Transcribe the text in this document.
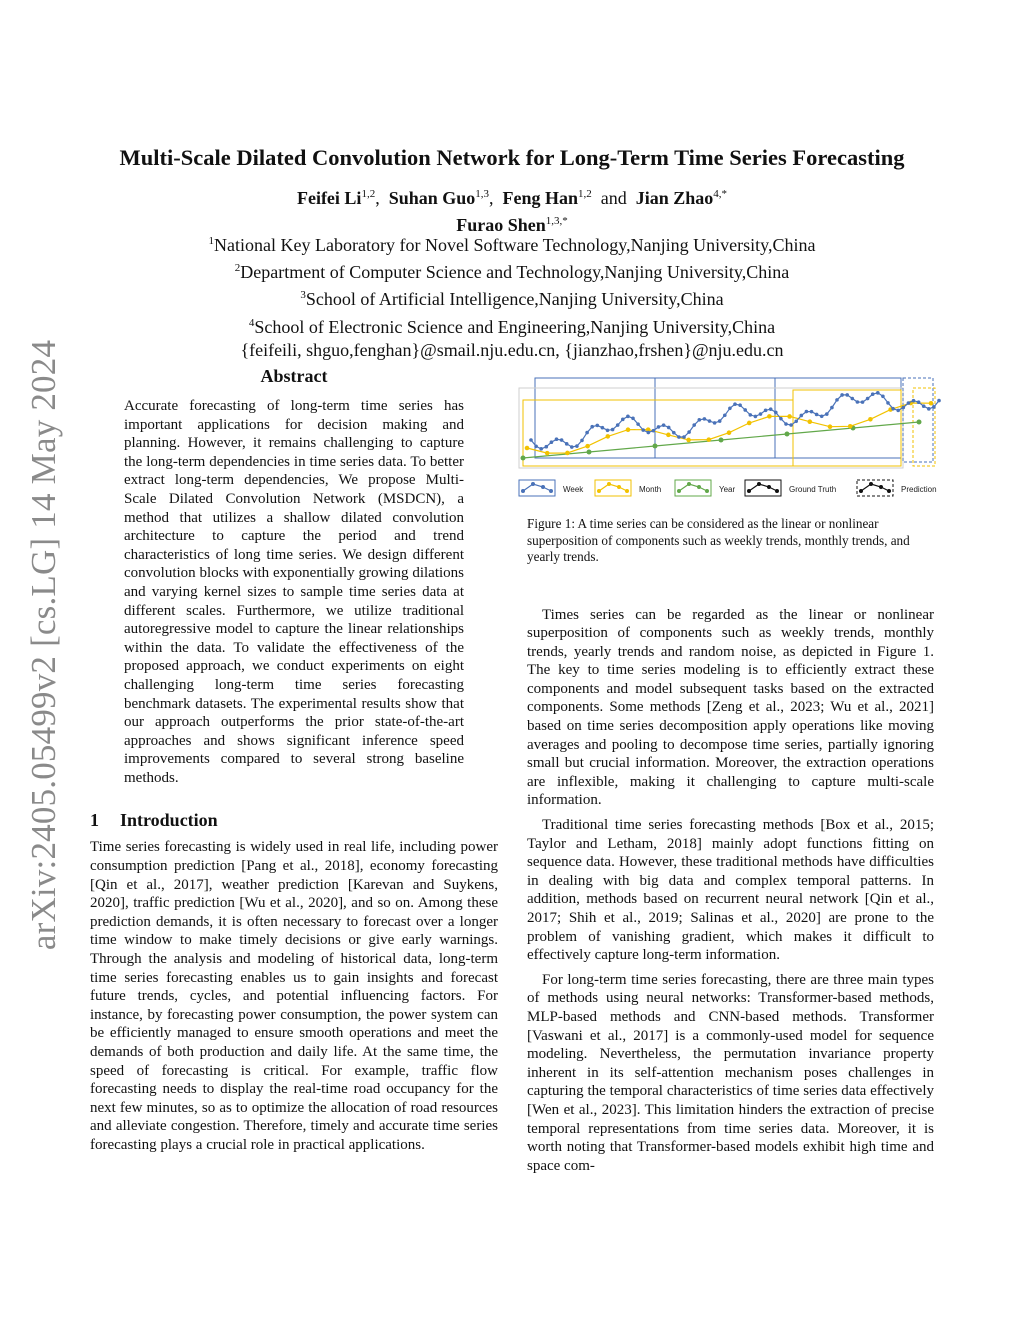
arXiv:2405.05499v2 [cs.LG] 14 May 2024
Multi-Scale Dilated Convolution Network for Long-Term Time Series Forecasting
Feifei Li$^{1,2}$,  Suhan Guo$^{1,3}$,  Feng Han$^{1,2}$ and Jian Zhao$^{4,*}$
Furao Shen$^{1,3,*}$
$^1$National Key Laboratory for Novel Software Technology,Nanjing University,China
$^2$Department of Computer Science and Technology,Nanjing University,China
$^3$School of Artificial Intelligence,Nanjing University,China
$^4$School of Electronic Science and Engineering,Nanjing University,China
{feifeili, shguo,fenghan}@smail.nju.edu.cn, {jianzhao,frshen}@nju.edu.cn
Abstract

Accurate forecasting of long-term time series has important applications for decision making and planning. However, it remains challenging to capture the long-term dependencies in time series data. To better extract long-term dependencies, We propose Multi-Scale Dilated Convolution Network (MSDCN), a method that utilizes a shallow dilated convolution architecture to capture the period and trend characteristics of long time series. We design different convolution blocks with exponentially growing dilations and varying kernel sizes to sample time series data at different scales. Furthermore, we utilize traditional autoregressive model to capture the linear relationships within the data. To validate the effectiveness of the proposed approach, we conduct experiments on eight challenging long-term time series forecasting benchmark datasets. The experimental results show that our approach outperforms the prior state-of-the-art approaches and shows significant inference speed improvements compared to several strong baseline methods.

1 Introduction

Time series forecasting is widely used in real life, including power consumption prediction [Pang et al., 2018], economy forecasting [Qin et al., 2017], weather prediction [Karevan and Suykens, 2020], traffic prediction [Wu et al., 2020], and so on. Among these prediction demands, it is often necessary to forecast over a longer time window to make timely decisions or give early warnings. Through the analysis and modeling of historical data, long-term time series forecasting enables us to gain insights and forecast future trends, cycles, and potential influencing factors. For instance, by forecasting power consumption, the power system can be efficiently managed to ensure smooth operations and meet the demands of both production and daily life. At the same time, the speed of forecasting is critical. For example, traffic flow forecasting needs to display the real-time road occupancy for the next few minutes, so as to optimize the allocation of road resources and alleviate congestion. Therefore, timely and accurate time series forecasting plays a crucial role in practical applications.

Week	Month	Year	Ground Truth	Prediction

Figure 1: A time series can be considered as the linear or nonlinear superposition of components such as weekly trends, monthly trends, and yearly trends.

Times series can be regarded as the linear or nonlinear superposition of components such as weekly trends, monthly trends, yearly trends and random noise, as depicted in Figure 1. The key to time series modeling is to efficiently extract these components and model subsequent tasks based on the extracted components. Some methods [Zeng et al., 2023; Wu et al., 2021] based on time series decomposition apply operations like moving averages and pooling to decompose time series, partially ignoring small but crucial information. Moreover, the extraction operations are inflexible, making it challenging to capture multi-scale information.

Traditional time series forecasting methods [Box et al., 2015; Taylor and Letham, 2018] mainly adopt functions fitting on sequence data. However, these traditional methods have difficulties in dealing with big data and complex temporal patterns. In addition, methods based on recurrent neural network [Qin et al., 2017; Shih et al., 2019; Salinas et al., 2020] are prone to the problem of vanishing gradient, which makes it difficult to effectively capture long-term information.

For long-term time series forecasting, there are three main types of methods using neural networks: Transformer-based methods, MLP-based methods and CNN-based methods. Transformer [Vaswani et al., 2017] is a commonly-used model for sequence modeling. Nevertheless, the permutation invariance property inherent in its self-attention mechanism poses challenges in capturing the temporal characteristics of time series data effectively [Wen et al., 2023]. This limitation hinders the extraction of precise temporal representations from time series data. Moreover, it is worth noting that Transformer-based models exhibit high time and space com-
